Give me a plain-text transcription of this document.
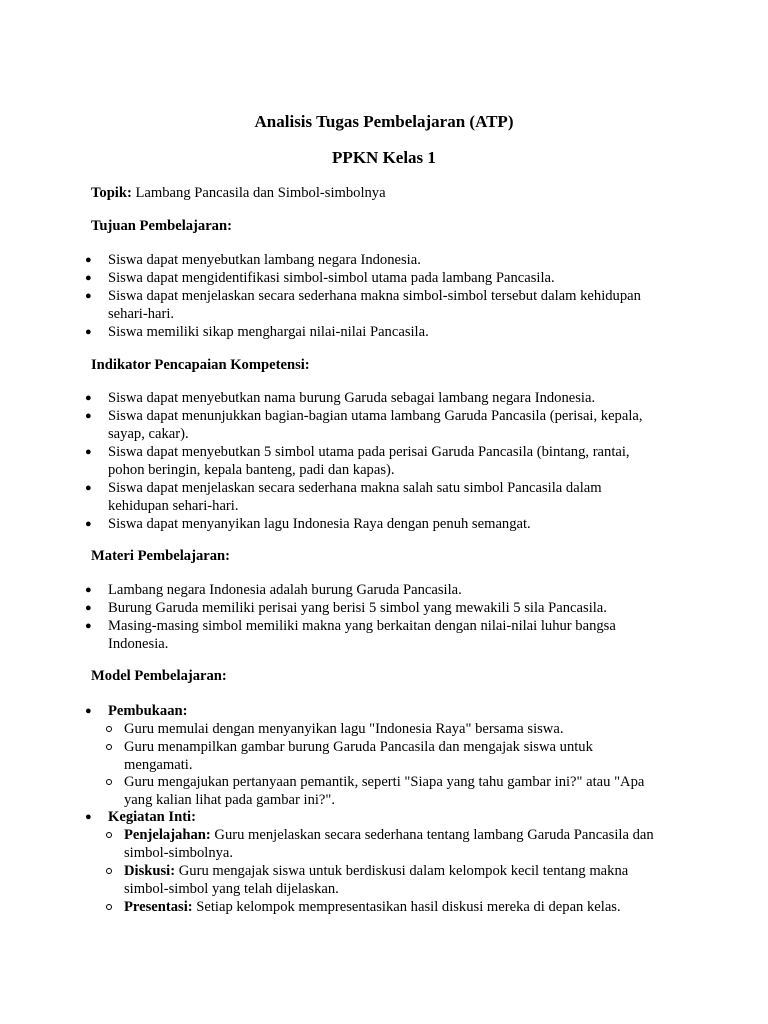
Analisis Tugas Pembelajaran (ATP)
PPKN Kelas 1
Topik: Lambang Pancasila dan Simbol-simbolnya
Tujuan Pembelajaran:
● Siswa dapat menyebutkan lambang negara Indonesia.
● Siswa dapat mengidentifikasi simbol-simbol utama pada lambang Pancasila.
● Siswa dapat menjelaskan secara sederhana makna simbol-simbol tersebut dalam kehidupan
sehari-hari.
● Siswa memiliki sikap menghargai nilai-nilai Pancasila.
Indikator Pencapaian Kompetensi:
● Siswa dapat menyebutkan nama burung Garuda sebagai lambang negara Indonesia.
● Siswa dapat menunjukkan bagian-bagian utama lambang Garuda Pancasila (perisai, kepala,
sayap, cakar).
● Siswa dapat menyebutkan 5 simbol utama pada perisai Garuda Pancasila (bintang, rantai,
pohon beringin, kepala banteng, padi dan kapas).
● Siswa dapat menjelaskan secara sederhana makna salah satu simbol Pancasila dalam
kehidupan sehari-hari.
● Siswa dapat menyanyikan lagu Indonesia Raya dengan penuh semangat.
Materi Pembelajaran:
● Lambang negara Indonesia adalah burung Garuda Pancasila.
● Burung Garuda memiliki perisai yang berisi 5 simbol yang mewakili 5 sila Pancasila.
● Masing-masing simbol memiliki makna yang berkaitan dengan nilai-nilai luhur bangsa
Indonesia.
Model Pembelajaran:
● Pembukaan:
Guru memulai dengan menyanyikan lagu "Indonesia Raya" bersama siswa.
Guru menampilkan gambar burung Garuda Pancasila dan mengajak siswa untuk
mengamati.
Guru mengajukan pertanyaan pemantik, seperti "Siapa yang tahu gambar ini?" atau "Apa
yang kalian lihat pada gambar ini?".
● Kegiatan Inti:
Penjelajahan: Guru menjelaskan secara sederhana tentang lambang Garuda Pancasila dan
simbol-simbolnya.
Diskusi: Guru mengajak siswa untuk berdiskusi dalam kelompok kecil tentang makna
simbol-simbol yang telah dijelaskan.
Presentasi: Setiap kelompok mempresentasikan hasil diskusi mereka di depan kelas.
